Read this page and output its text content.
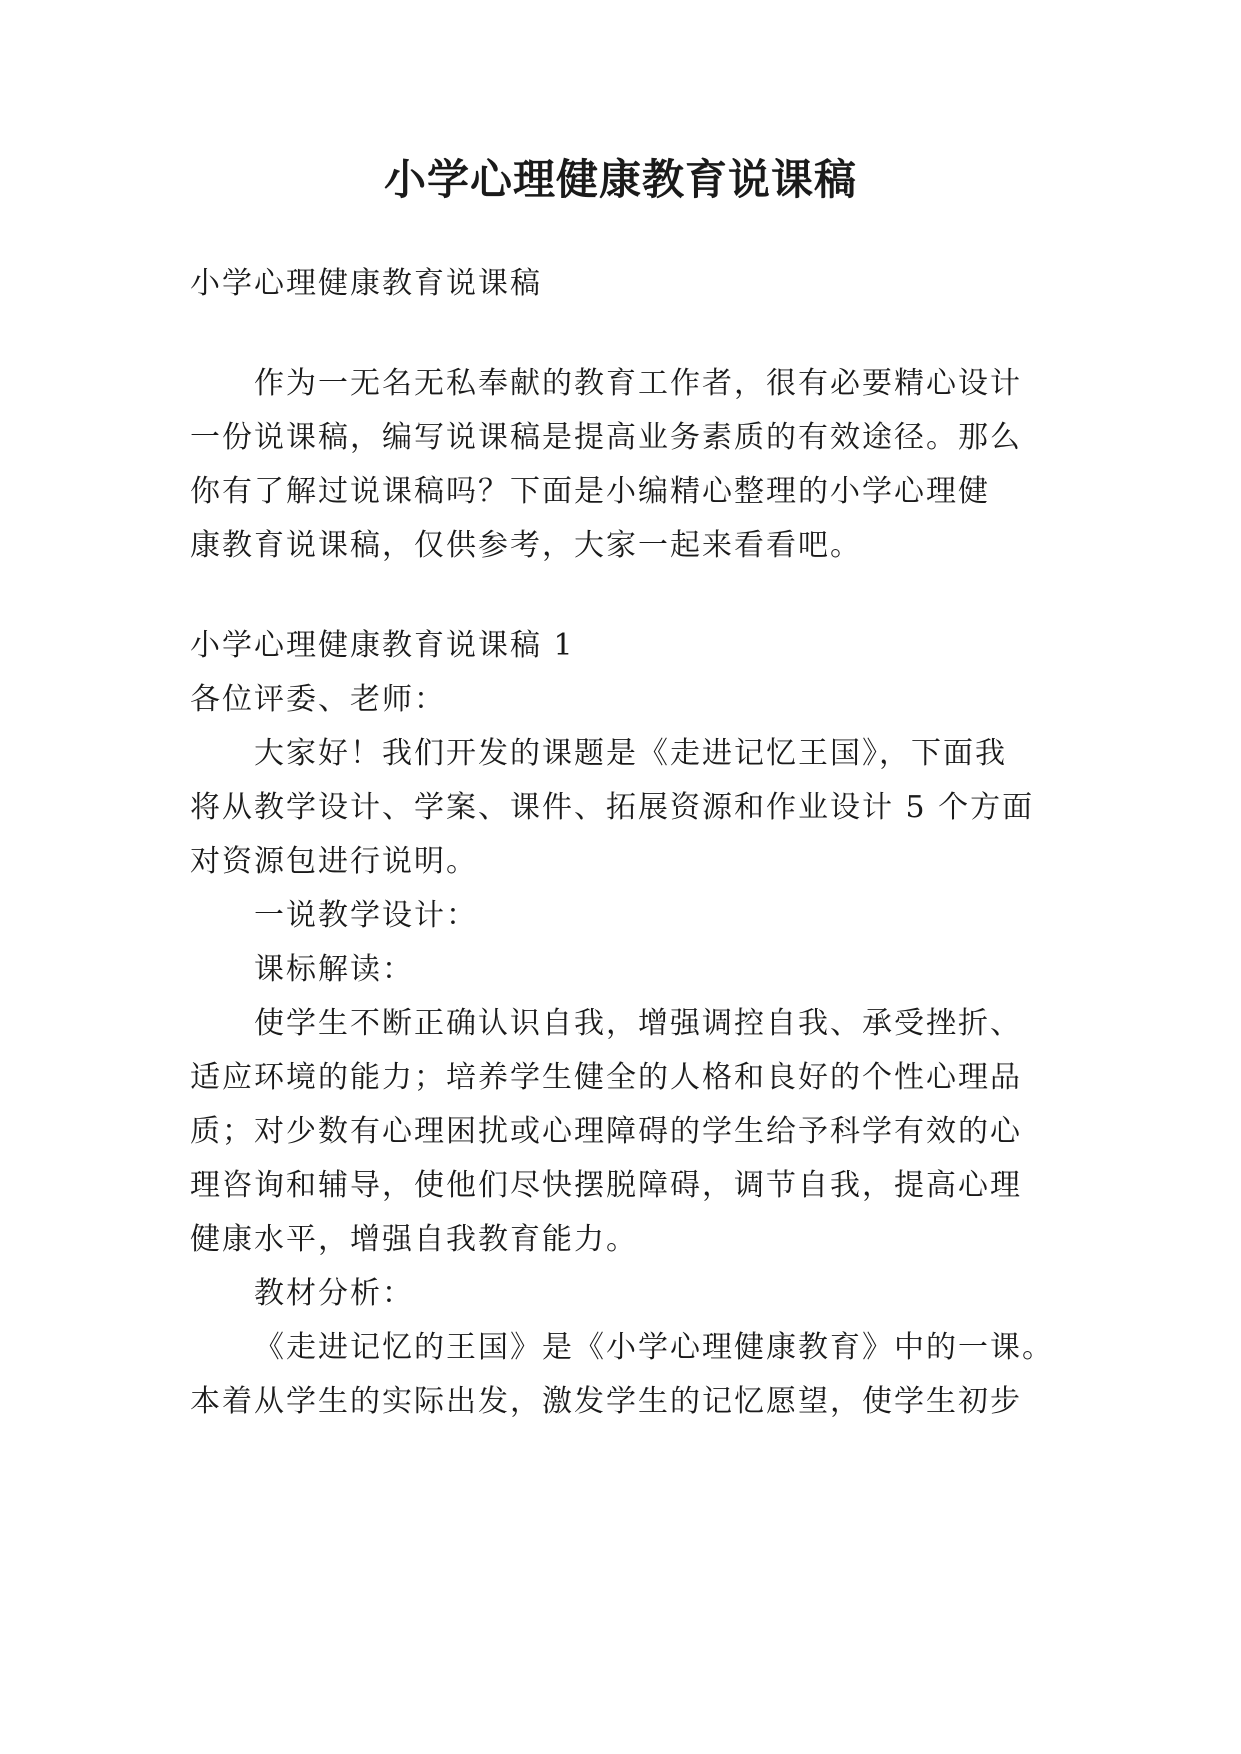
小学心理健康教育说课稿

小学心理健康教育说课稿

作为一无名无私奉献的教育工作者，很有必要精心设计

一份说课稿，编写说课稿是提高业务素质的有效途径。那么

你有了解过说课稿吗？下面是小编精心整理的小学心理健

康教育说课稿，仅供参考，大家一起来看看吧。

小学心理健康教育说课稿 1

各位评委、老师：

大家好！我们开发的课题是《走进记忆王国》，下面我

将从教学设计、学案、课件、拓展资源和作业设计 5 个方面

对资源包进行说明。

一说教学设计：

课标解读：

使学生不断正确认识自我，增强调控自我、承受挫折、

适应环境的能力；培养学生健全的人格和良好的个性心理品

质；对少数有心理困扰或心理障碍的学生给予科学有效的心

理咨询和辅导，使他们尽快摆脱障碍，调节自我，提高心理

健康水平，增强自我教育能力。

教材分析：

《走进记忆的王国》是《小学心理健康教育》中的一课。

本着从学生的实际出发，激发学生的记忆愿望，使学生初步
